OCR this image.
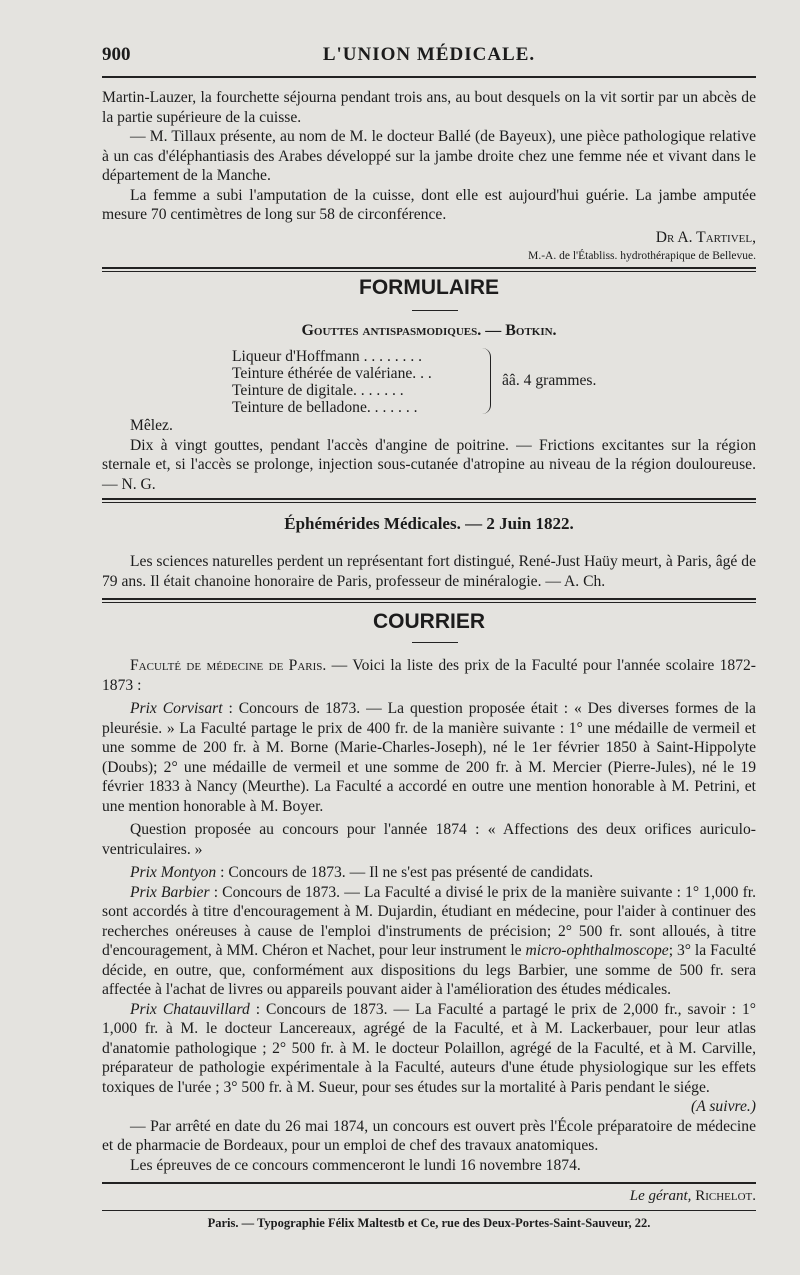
900	L'UNION MÉDICALE.

Martin-Lauzer, la fourchette séjourna pendant trois ans, au bout desquels on la vit sortir par un abcès de la partie supérieure de la cuisse.

— M. Tillaux présente, au nom de M. le docteur Ballé (de Bayeux), une pièce pathologique relative à un cas d'éléphantiasis des Arabes développé sur la jambe droite chez une femme née et vivant dans le département de la Manche.

La femme a subi l'amputation de la cuisse, dont elle est aujourd'hui guérie. La jambe amputée mesure 70 centimètres de long sur 58 de circonférence.

Dr A. Tartivel,

M.-A. de l'Établiss. hydrothérapique de Bellevue.

FORMULAIRE
Gouttes antispasmodiques. — Botkin.
Liqueur d'Hoffmann . . . . . . . .
Teinture éthérée de valériane. . .
Teinture de digitale. . . . . . .
Teinture de belladone. . . . . . .
ââ. 4 grammes.

Mêlez.

Dix à vingt gouttes, pendant l'accès d'angine de poitrine. — Frictions excitantes sur la région sternale et, si l'accès se prolonge, injection sous-cutanée d'atropine au niveau de la région douloureuse. — N. G.

Éphémérides Médicales. — 2 Juin 1822.

Les sciences naturelles perdent un représentant fort distingué, René-Just Haüy meurt, à Paris, âgé de 79 ans. Il était chanoine honoraire de Paris, professeur de minéralogie. — A. Ch.

COURRIER

Faculté de médecine de Paris. — Voici la liste des prix de la Faculté pour l'année scolaire 1872-1873 :

Prix Corvisart : Concours de 1873. — La question proposée était : « Des diverses formes de la pleurésie. » La Faculté partage le prix de 400 fr. de la manière suivante : 1° une médaille de vermeil et une somme de 200 fr. à M. Borne (Marie-Charles-Joseph), né le 1er février 1850 à Saint-Hippolyte (Doubs); 2° une médaille de vermeil et une somme de 200 fr. à M. Mercier (Pierre-Jules), né le 19 février 1833 à Nancy (Meurthe). La Faculté a accordé en outre une mention honorable à M. Petrini, et une mention honorable à M. Boyer.

Question proposée au concours pour l'année 1874 : « Affections des deux orifices auriculo-ventriculaires. »

Prix Montyon : Concours de 1873. — Il ne s'est pas présenté de candidats.

Prix Barbier : Concours de 1873. — La Faculté a divisé le prix de la manière suivante : 1° 1,000 fr. sont accordés à titre d'encouragement à M. Dujardin, étudiant en médecine, pour l'aider à continuer des recherches onéreuses à cause de l'emploi d'instruments de précision; 2° 500 fr. sont alloués, à titre d'encouragement, à MM. Chéron et Nachet, pour leur instrument le micro-ophthalmoscope; 3° la Faculté décide, en outre, que, conformément aux dispositions du legs Barbier, une somme de 500 fr. sera affectée à l'achat de livres ou appareils pouvant aider à l'amélioration des études médicales.

Prix Chatauvillard : Concours de 1873. — La Faculté a partagé le prix de 2,000 fr., savoir : 1° 1,000 fr. à M. le docteur Lancereaux, agrégé de la Faculté, et à M. Lackerbauer, pour leur atlas d'anatomie pathologique ; 2° 500 fr. à M. le docteur Polaillon, agrégé de la Faculté, et à M. Carville, préparateur de pathologie expérimentale à la Faculté, auteurs d'une étude physiologique sur les effets toxiques de l'urée ; 3° 500 fr. à M. Sueur, pour ses études sur la mortalité à Paris pendant le siége.

(A suivre.)

— Par arrêté en date du 26 mai 1874, un concours est ouvert près l'École préparatoire de médecine et de pharmacie de Bordeaux, pour un emploi de chef des travaux anatomiques.

Les épreuves de ce concours commenceront le lundi 16 novembre 1874.

Le gérant, Richelot.
Paris. — Typographie Félix Maltestb et Ce, rue des Deux-Portes-Saint-Sauveur, 22.
